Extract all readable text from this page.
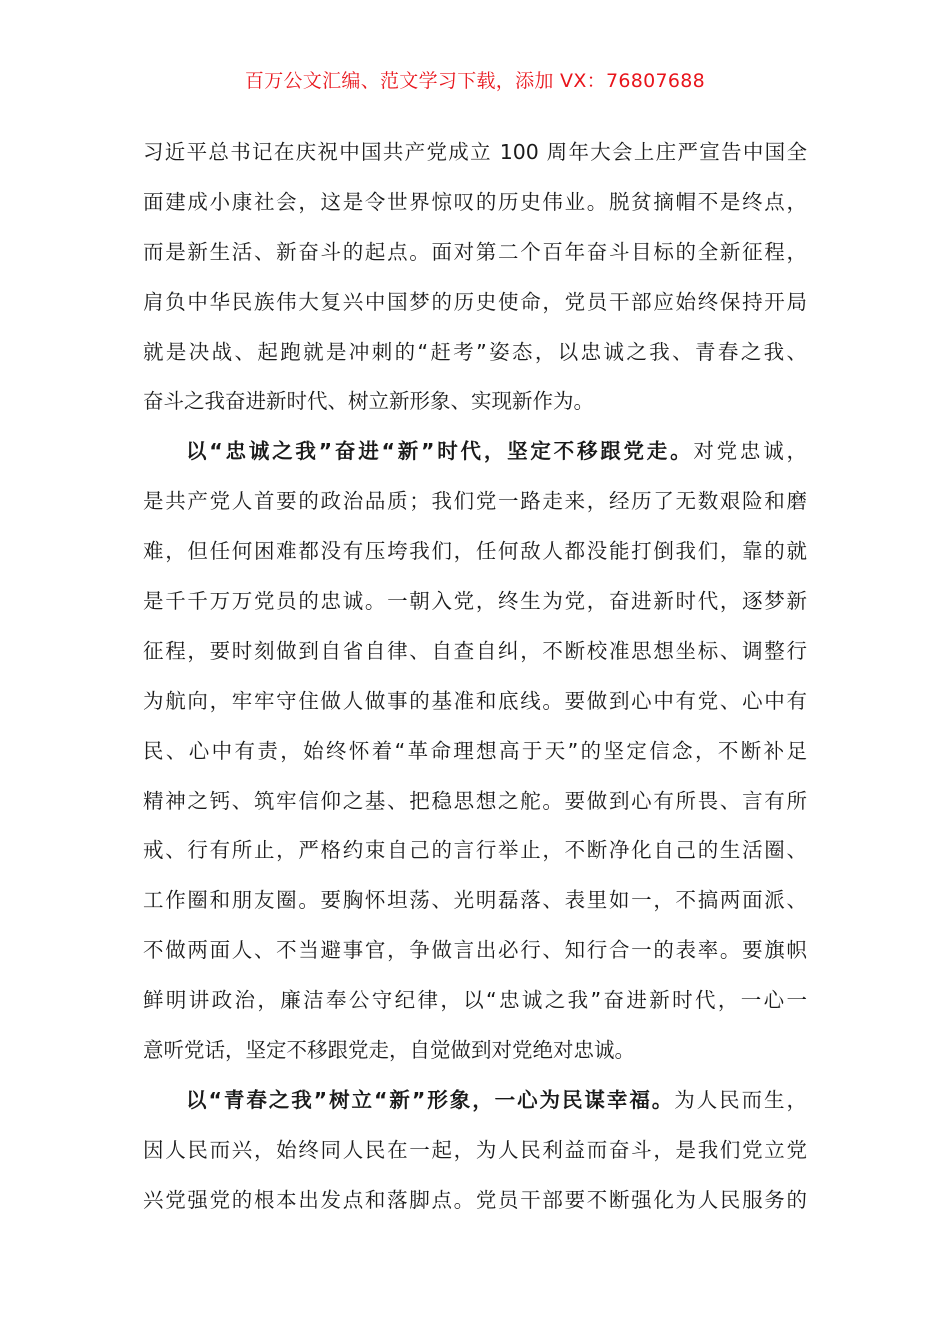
百万公文汇编、范文学习下载，添加 VX：76807688
习近平总书记在庆祝中国共产党成立 100 周年大会上庄严宣告中国全
面建成小康社会，这是令世界惊叹的历史伟业。脱贫摘帽不是终点，
而是新生活、新奋斗的起点。面对第二个百年奋斗目标的全新征程，
肩负中华民族伟大复兴中国梦的历史使命，党员干部应始终保持开局
就是决战、起跑就是冲刺的“赶考”姿态，以忠诚之我、青春之我、
奋斗之我奋进新时代、树立新形象、实现新作为。
以“忠诚之我”奋进“新”时代，坚定不移跟党走。对党忠诚，
是共产党人首要的政治品质；我们党一路走来，经历了无数艰险和磨
难，但任何困难都没有压垮我们，任何敌人都没能打倒我们，靠的就
是千千万万党员的忠诚。一朝入党，终生为党，奋进新时代，逐梦新
征程，要时刻做到自省自律、自查自纠，不断校准思想坐标、调整行
为航向，牢牢守住做人做事的基准和底线。要做到心中有党、心中有
民、心中有责，始终怀着“革命理想高于天”的坚定信念，不断补足
精神之钙、筑牢信仰之基、把稳思想之舵。要做到心有所畏、言有所
戒、行有所止，严格约束自己的言行举止，不断净化自己的生活圈、
工作圈和朋友圈。要胸怀坦荡、光明磊落、表里如一，不搞两面派、
不做两面人、不当避事官，争做言出必行、知行合一的表率。要旗帜
鲜明讲政治，廉洁奉公守纪律，以“忠诚之我”奋进新时代，一心一
意听党话，坚定不移跟党走，自觉做到对党绝对忠诚。
以“青春之我”树立“新”形象，一心为民谋幸福。为人民而生，
因人民而兴，始终同人民在一起，为人民利益而奋斗，是我们党立党
兴党强党的根本出发点和落脚点。党员干部要不断强化为人民服务的
